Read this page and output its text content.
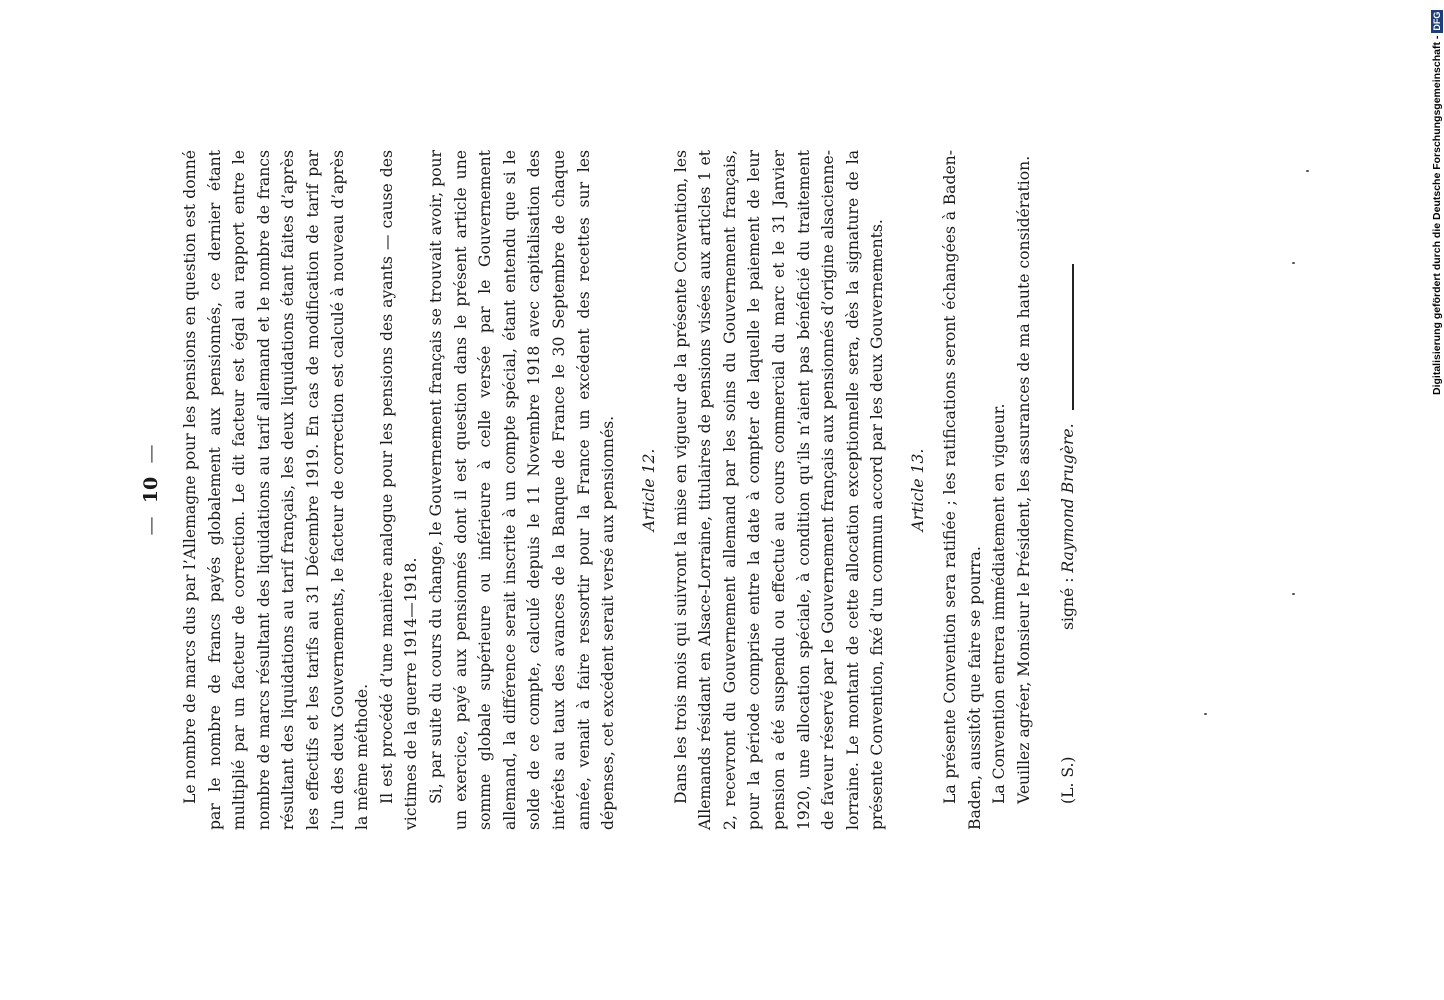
—  10  — Le nombre de marcs dus par l’Allemagne pour les pensions en question est donné par le nombre de francs payés globalement aux pensionnés, ce dernier étant multiplié par un facteur de correction. Le dit facteur est égal au rapport entre le nombre de marcs résultant des liquidations au tarif allemand et le nombre de francs résultant des liquidations au tarif français, les deux liquidations étant faites d’après les effectifs et les tarifs au 31 Décembre 1919. En cas de modification de tarif par l’un des deux Gouvernements, le facteur de correction est calculé à nouveau d’après la même méthode. Il est procédé d’une manière analogue pour les pensions des ayants — cause des victimes de la guerre 1914—1918. Si, par suite du cours du change, le Gouvernement français se trouvait avoir, pour un exercice, payé aux pensionnés dont il est question dans le présent article une somme globale supérieure ou inférieure à celle versée par le Gouvernement allemand, la différence serait inscrite à un compte spécial, étant entendu que si le solde de ce compte, calculé depuis le 11 Novembre 1918 avec capitalisation des intérêts au taux des avances de la Banque de France le 30 Septembre de chaque année, venait à faire ressortir pour la France un excédent des recettes sur les dépenses, cet excédent serait versé aux pensionnés. Article 12. Dans les trois mois qui suivront la mise en vigueur de la présente Convention, les Allemands résidant en Alsace-Lorraine, titulaires de pensions visées aux articles 1 et 2, recevront du Gouvernement allemand par les soins du Gouvernement français, pour la période comprise entre la date à compter de laquelle le paiement de leur pension a été suspendu ou effectué au cours commercial du marc et le 31 Janvier 1920, une allocation spéciale, à condition qu’ils n’aient pas bénéficié du traitement de faveur réservé par le Gouvernement français aux pensionnés d’origine alsacienne-lorraine. Le montant de cette allocation exceptionnelle sera, dès la signature de la présente Convention, fixé d’un commun accord par les deux Gouvernements. Article 13. La présente Convention sera ratifiée ; les ratifications seront échangées à Baden-Baden, aussitôt que faire se pourra. La Convention entrera immédiatement en vigueur. Veuillez agréer, Monsieur le Président, les assurances de ma haute considération. (L. S.)
signé : Raymond Brugère.
Digitalisierung gefördert durch die Deutsche Forschungsgemeinschaft -
DFG
